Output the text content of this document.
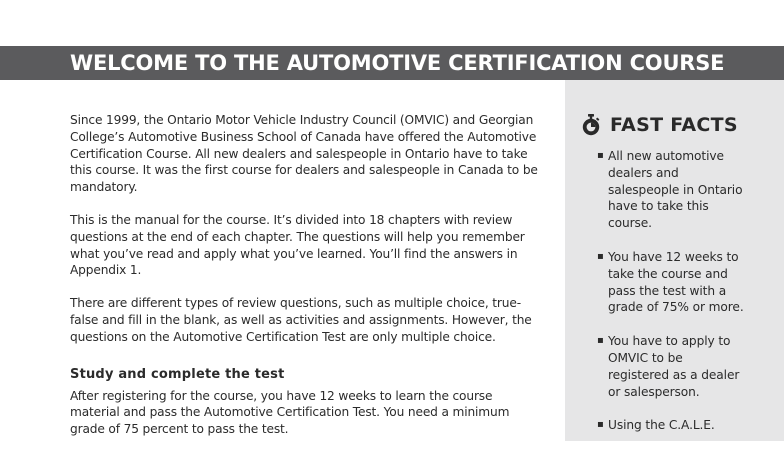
WELCOME TO THE AUTOMOTIVE CERTIFICATION COURSE

Since 1999, the Ontario Motor Vehicle Industry Council (OMVIC) and Georgian College’s Automotive Business School of Canada have offered the Automotive Certification Course. All new dealers and salespeople in Ontario have to take this course. It was the first course for dealers and salespeople in Canada to be mandatory.

This is the manual for the course. It’s divided into 18 chapters with review questions at the end of each chapter. The questions will help you remember what you’ve read and apply what you’ve learned. You’ll find the answers in Appendix 1.

There are different types of review questions, such as multiple choice, true-false and fill in the blank, as well as activities and assignments. However, the questions on the Automotive Certification Test are only multiple choice.

Study and complete the test

After registering for the course, you have 12 weeks to learn the course material and pass the Automotive Certification Test. You need a minimum grade of 75 percent to pass the test.

FAST FACTS
▪ All new automotive dealers and salespeople in Ontario have to take this course.
▪ You have 12 weeks to take the course and pass the test with a grade of 75% or more.
▪ You have to apply to OMVIC to be registered as a dealer or salesperson.
▪ Using the C.A.L.E.
